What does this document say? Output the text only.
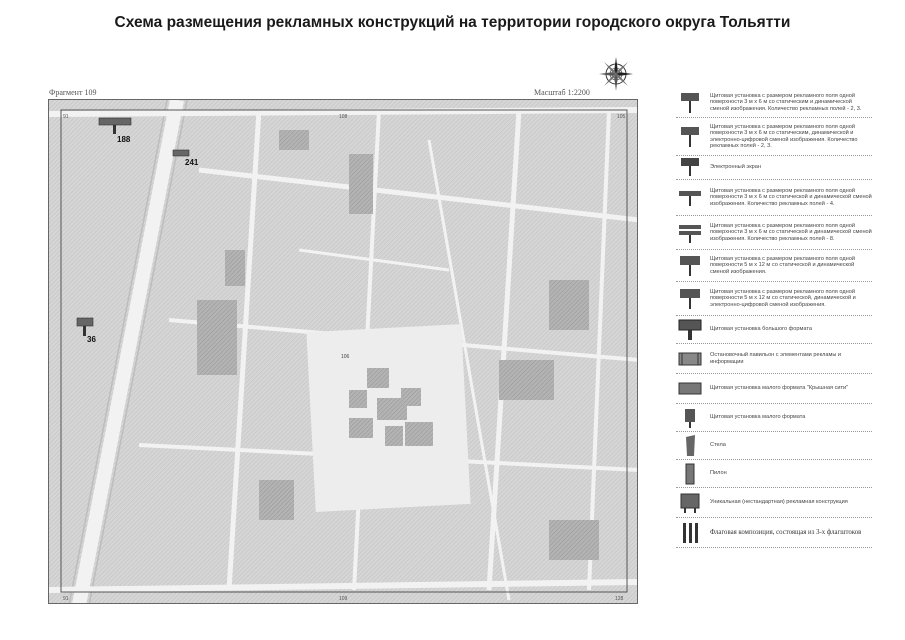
Схема размещения рекламных конструкций на территории городского округа Тольятти
Фрагмент 109	Масштаб 1:2200
91	108	105
91	109	128
188
241
36
106
Щитовая установка с размером рекламного поля одной поверхности 3 м х 6 м со статическим и динамической сменой изображения. Количество рекламных полей - 2, 3.
Щитовая установка с размером рекламного поля одной поверхности 3 м х 6 м со статическим, динамической и электронно-цифровой сменой изображения. Количество рекламных полей - 2, 3.
Электронный экран
Щитовая установка с размером рекламного поля одной поверхности 3 м х 6 м со статической и динамической сменой изображения. Количество рекламных полей - 4.
Щитовая установка с размером рекламного поля одной поверхности 3 м х 6 м со статической и динамической сменой изображения. Количество рекламных полей - 8.
Щитовая установка с размером рекламного поля одной поверхности 5 м х 12 м со статической и динамической сменой изображения.
Щитовая установка с размером рекламного поля одной поверхности 5 м х 12 м со статической, динамической и электронно-цифровой сменой изображения.
Щитовая установка большого формата
Остановочный павильон с элементами рекламы и информации
Щитовая установка малого формата "Крышная сити"
Щитовая установка малого формата
Стела
Пилон
Уникальная (нестандартная) рекламная конструкция
Флаговая композиция, состоящая из 3-х флагштоков
